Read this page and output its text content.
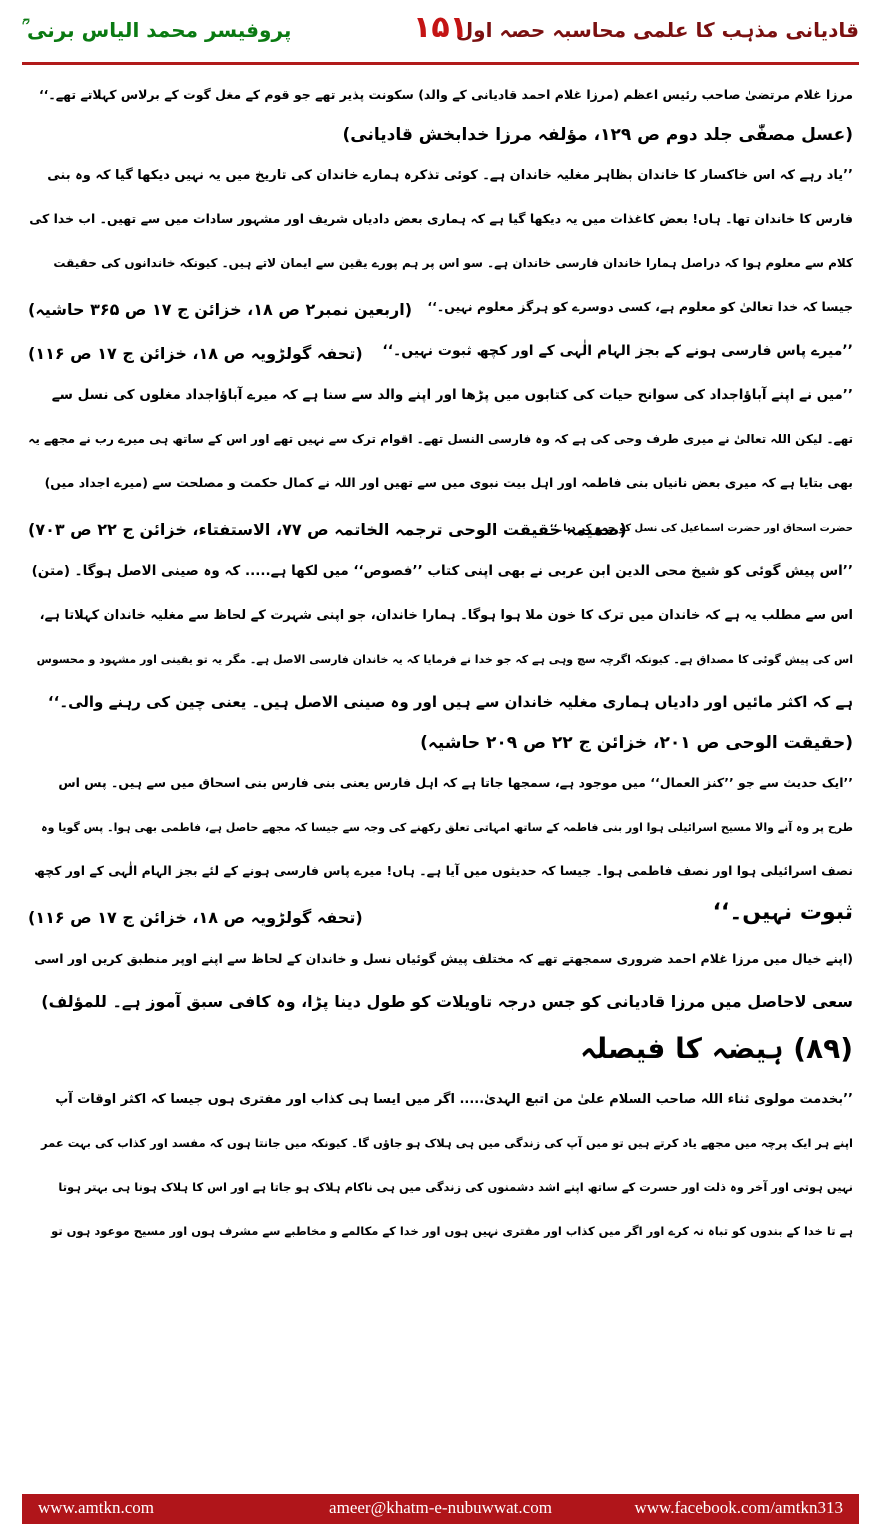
قادیانی مذہب کا علمی محاسبہ حصہ اول
۱۵۱
پروفیسر محمد الیاس برنی ؒ
مرزا غلام مرتضیٰ صاحب رئیس اعظم (مرزا غلام احمد قادیانی کے والد) سکونت پذیر تھے جو قوم کے مغل گوت کے برلاس کہلاتے تھے۔‘‘
(عسل مصفّٰی جلد دوم ص ۱۲۹، مؤلفہ مرزا خدابخش قادیانی)
’’یاد رہے کہ اس خاکسار کا خاندان بظاہر مغلیہ خاندان ہے۔ کوئی تذکرہ ہمارے خاندان کی تاریخ میں یہ نہیں دیکھا گیا کہ وہ بنی
فارس کا خاندان تھا۔ ہاں! بعض کاغذات میں یہ دیکھا گیا ہے کہ ہماری بعض دادیاں شریف اور مشہور سادات میں سے تھیں۔ اب خدا کی
کلام سے معلوم ہوا کہ دراصل ہمارا خاندان فارسی خاندان ہے۔ سو اس پر ہم پورے یقین سے ایمان لاتے ہیں۔ کیونکہ خاندانوں کی حقیقت
جیسا کہ خدا تعالیٰ کو معلوم ہے، کسی دوسرے کو ہرگز معلوم نہیں۔‘‘
(اربعین نمبر۲ ص ۱۸، خزائن ج ۱۷ ص ۳۶۵ حاشیہ)
’’میرے پاس فارسی ہونے کے بجز الہام الٰہی کے اور کچھ ثبوت نہیں۔‘‘
(تحفہ گولڑویہ ص ۱۸، خزائن ج ۱۷ ص ۱۱۶)
’’میں نے اپنے آباؤاجداد کی سوانح حیات کی کتابوں میں پڑھا اور اپنے والد سے سنا ہے کہ میرے آباؤاجداد مغلوں کی نسل سے
تھے۔ لیکن اللہ تعالیٰ نے میری طرف وحی کی ہے کہ وہ فارسی النسل تھے۔ اقوام ترک سے نہیں تھے اور اس کے ساتھ ہی میرے رب نے مجھے یہ
بھی بتایا ہے کہ میری بعض نانیاں بنی فاطمہ اور اہل بیت نبوی میں سے تھیں اور اللہ نے کمال حکمت و مصلحت سے (میرے اجداد میں)
حضرت اسحاق اور حضرت اسماعیل کی نسل کو جمع کر دیا۔‘‘
(ضمیمہ حقیقت الوحی ترجمہ الخاتمہ ص ۷۷، الاستفتاء، خزائن ج ۲۲ ص ۷۰۳)
’’اس پیش گوئی کو شیخ محی الدین ابن عربی نے بھی اپنی کتاب ’’فصوص‘‘ میں لکھا ہے..... کہ وہ صینی الاصل ہوگا۔ (متن)
اس سے مطلب یہ ہے کہ خاندان میں ترک کا خون ملا ہوا ہوگا۔ ہمارا خاندان، جو اپنی شہرت کے لحاظ سے مغلیہ خاندان کہلاتا ہے،
اس کی پیش گوئی کا مصداق ہے۔ کیونکہ اگرچہ سچ وہی ہے کہ جو خدا نے فرمایا کہ یہ خاندان فارسی الاصل ہے۔ مگر یہ تو یقینی اور مشہود و محسوس
ہے کہ اکثر مائیں اور دادیاں ہماری مغلیہ خاندان سے ہیں اور وہ صینی الاصل ہیں۔ یعنی چین کی رہنے والی۔‘‘
(حقیقت الوحی ص ۲۰۱، خزائن ج ۲۲ ص ۲۰۹ حاشیہ)
’’ایک حدیث سے جو ’’کنز العمال‘‘ میں موجود ہے، سمجھا جاتا ہے کہ اہل فارس یعنی بنی فارس بنی اسحاق میں سے ہیں۔ پس اس
طرح پر وہ آنے والا مسیح اسرائیلی ہوا اور بنی فاطمہ کے ساتھ امہاتی تعلق رکھنے کی وجہ سے جیسا کہ مجھے حاصل ہے، فاطمی بھی ہوا۔ پس گویا وہ
نصف اسرائیلی ہوا اور نصف فاطمی ہوا۔ جیسا کہ حدیثوں میں آیا ہے۔ ہاں! میرے پاس فارسی ہونے کے لئے بجز الہام الٰہی کے اور کچھ
ثبوت نہیں۔‘‘
(تحفہ گولڑویہ ص ۱۸، خزائن ج ۱۷ ص ۱۱۶)
(اپنے خیال میں مرزا غلام احمد ضروری سمجھتے تھے کہ مختلف پیش گوئیاں نسل و خاندان کے لحاظ سے اپنے اوپر منطبق کریں اور اسی
سعی لاحاصل میں مرزا قادیانی کو جس درجہ تاویلات کو طول دینا پڑا، وہ کافی سبق آموز ہے۔ للمؤلف)
(۸۹) ہیضہ کا فیصلہ
’’بخدمت مولوی ثناء اللہ صاحب السلام علیٰ من اتبع الہدیٰ..... اگر میں ایسا ہی کذاب اور مفتری ہوں جیسا کہ اکثر اوقات آپ
اپنے ہر ایک پرچہ میں مجھے یاد کرتے ہیں تو میں آپ کی زندگی میں ہی ہلاک ہو جاؤں گا۔ کیونکہ میں جانتا ہوں کہ مفسد اور کذاب کی بہت عمر
نہیں ہوتی اور آخر وہ ذلت اور حسرت کے ساتھ اپنے اشد دشمنوں کی زندگی میں ہی ناکام ہلاک ہو جاتا ہے اور اس کا ہلاک ہونا ہی بہتر ہوتا
ہے تا خدا کے بندوں کو تباہ نہ کرے اور اگر میں کذاب اور مفتری نہیں ہوں اور خدا کے مکالمے و مخاطبے سے مشرف ہوں اور مسیح موعود ہوں تو
www.amtkn.com	ameer@khatm-e-nubuwwat.com	www.facebook.com/amtkn313
